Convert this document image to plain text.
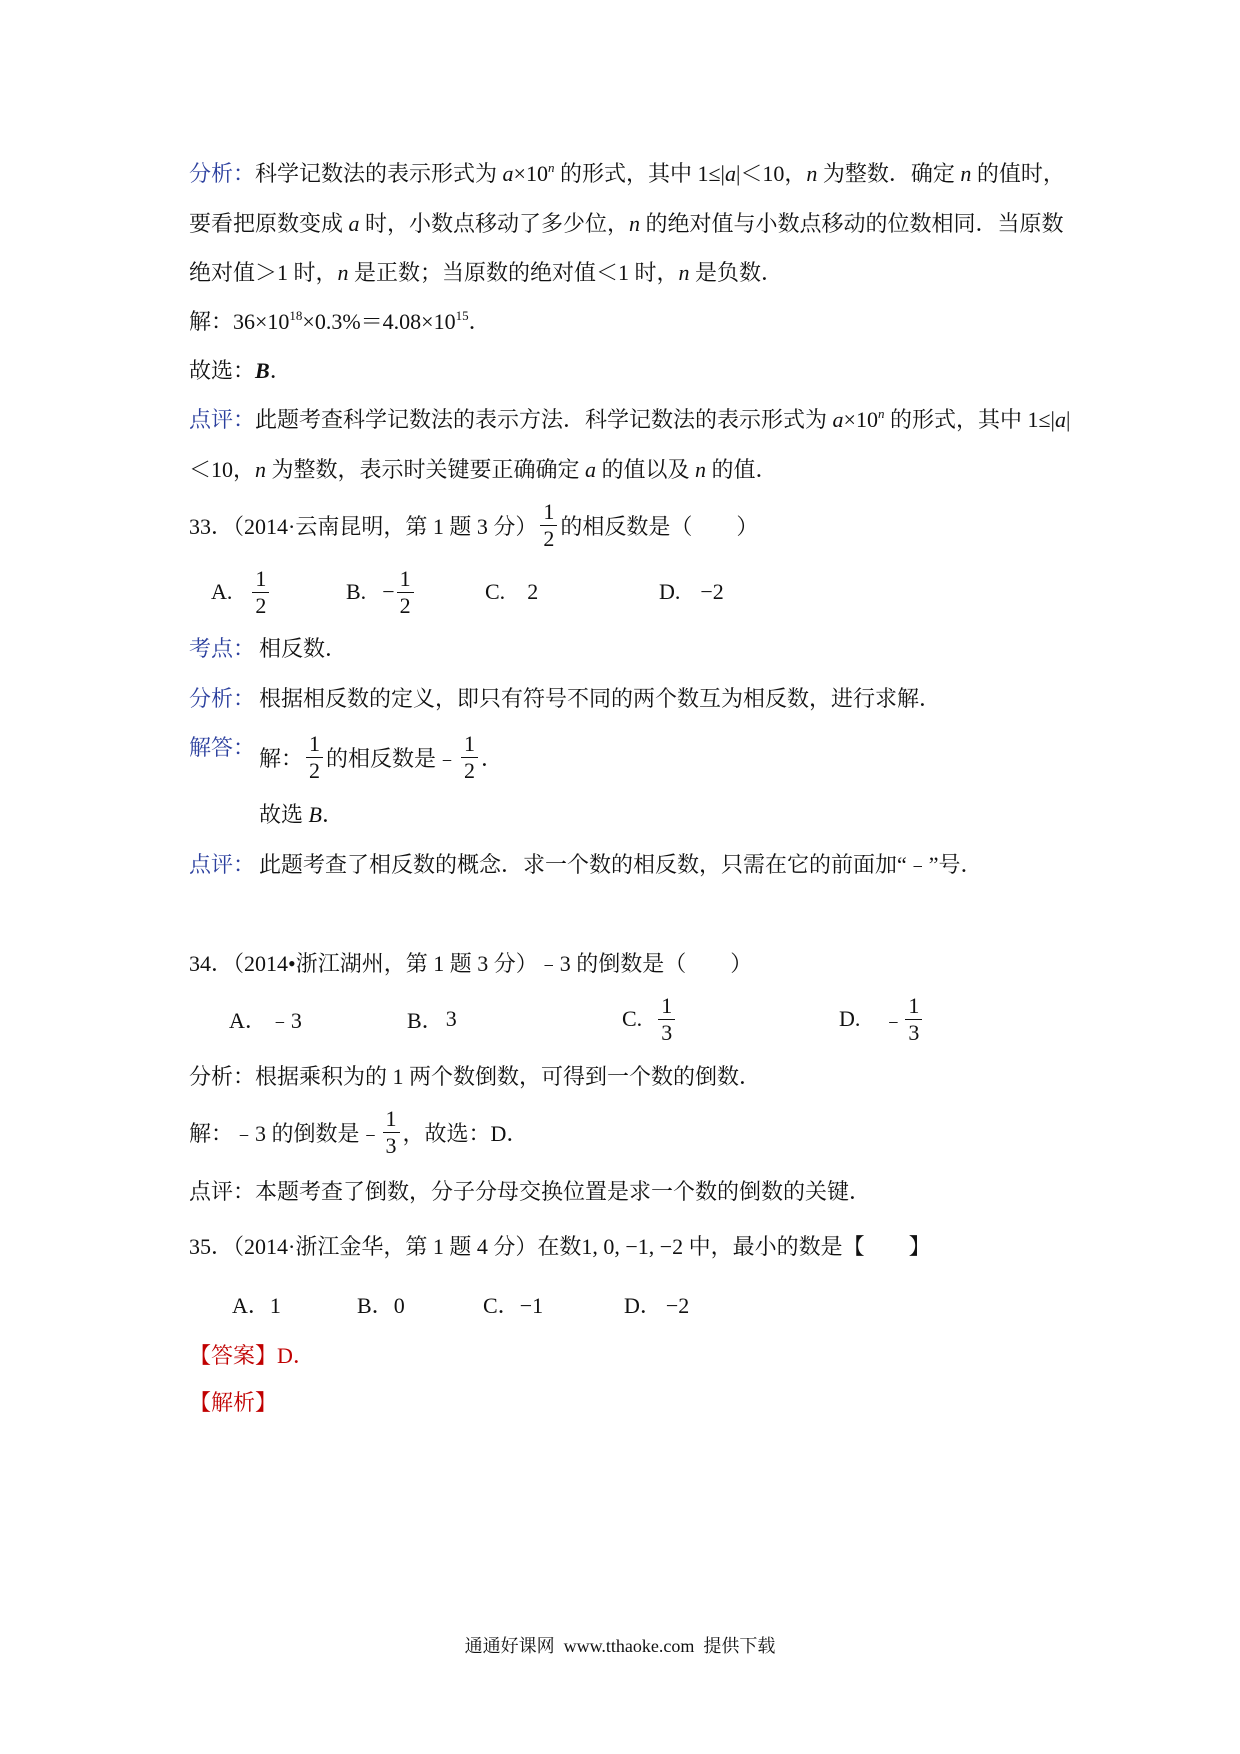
分析：科学记数法的表示形式为 $a\times 10^n$ 的形式，其中 1≤|a|＜10，n 为整数．确定 n 的值时，
要看把原数变成 a 时，小数点移动了多少位，n 的绝对值与小数点移动的位数相同．当原数
绝对值＞1 时，n 是正数；当原数的绝对值＜1 时，n 是负数．
解：$36\times 10^{18}\times 0.3\%=4.08\times 10^{15}$．
故选：B．
点评：此题考查科学记数法的表示方法．科学记数法的表示形式为 $a\times 10^n$ 的形式，其中 1≤|a|
＜10，n 为整数，表示时关键要正确确定 a 的值以及 n 的值．
33．（2014·云南昆明，第 1 题 3 分） $\frac{1}{2}$ 的相反数是（　　）

A. $\frac{1}{2}$

	B. − $\frac{1}{2}$

	C. 2

	D. −2

考点： 相反数．
分析： 根据相反数的定义，即只有符号不同的两个数互为相反数，进行求解．
解答： 解： $\frac{1}{2}$ 的相反数是﹣ $\frac{1}{2}$ ．
故选 B．
点评： 此题考查了相反数的概念．求一个数的相反数，只需在它的前面加“﹣”号．
34．（2014•浙江湖州，第 1 题 3 分）﹣3 的倒数是（　　）

A． ﹣3

	B． 3

	C. $\frac{1}{3}$

	D. ﹣ $\frac{1}{3}$

分析：根据乘积为的 1 两个数倒数，可得到一个数的倒数．
解：﹣3 的倒数是﹣ $\frac{1}{3}$ ，故选：D．
点评：本题考查了倒数，分子分母交换位置是求一个数的倒数的关键．
35．（2014·浙江金华，第 1 题 4 分）在数1, 0, −1, −2 中，最小的数是【　　】

A． 1

	B． 0

	C． −1

	D． −2

【答案】D．
【解析】
通通好课网  www.tthaoke.com  提供下载
